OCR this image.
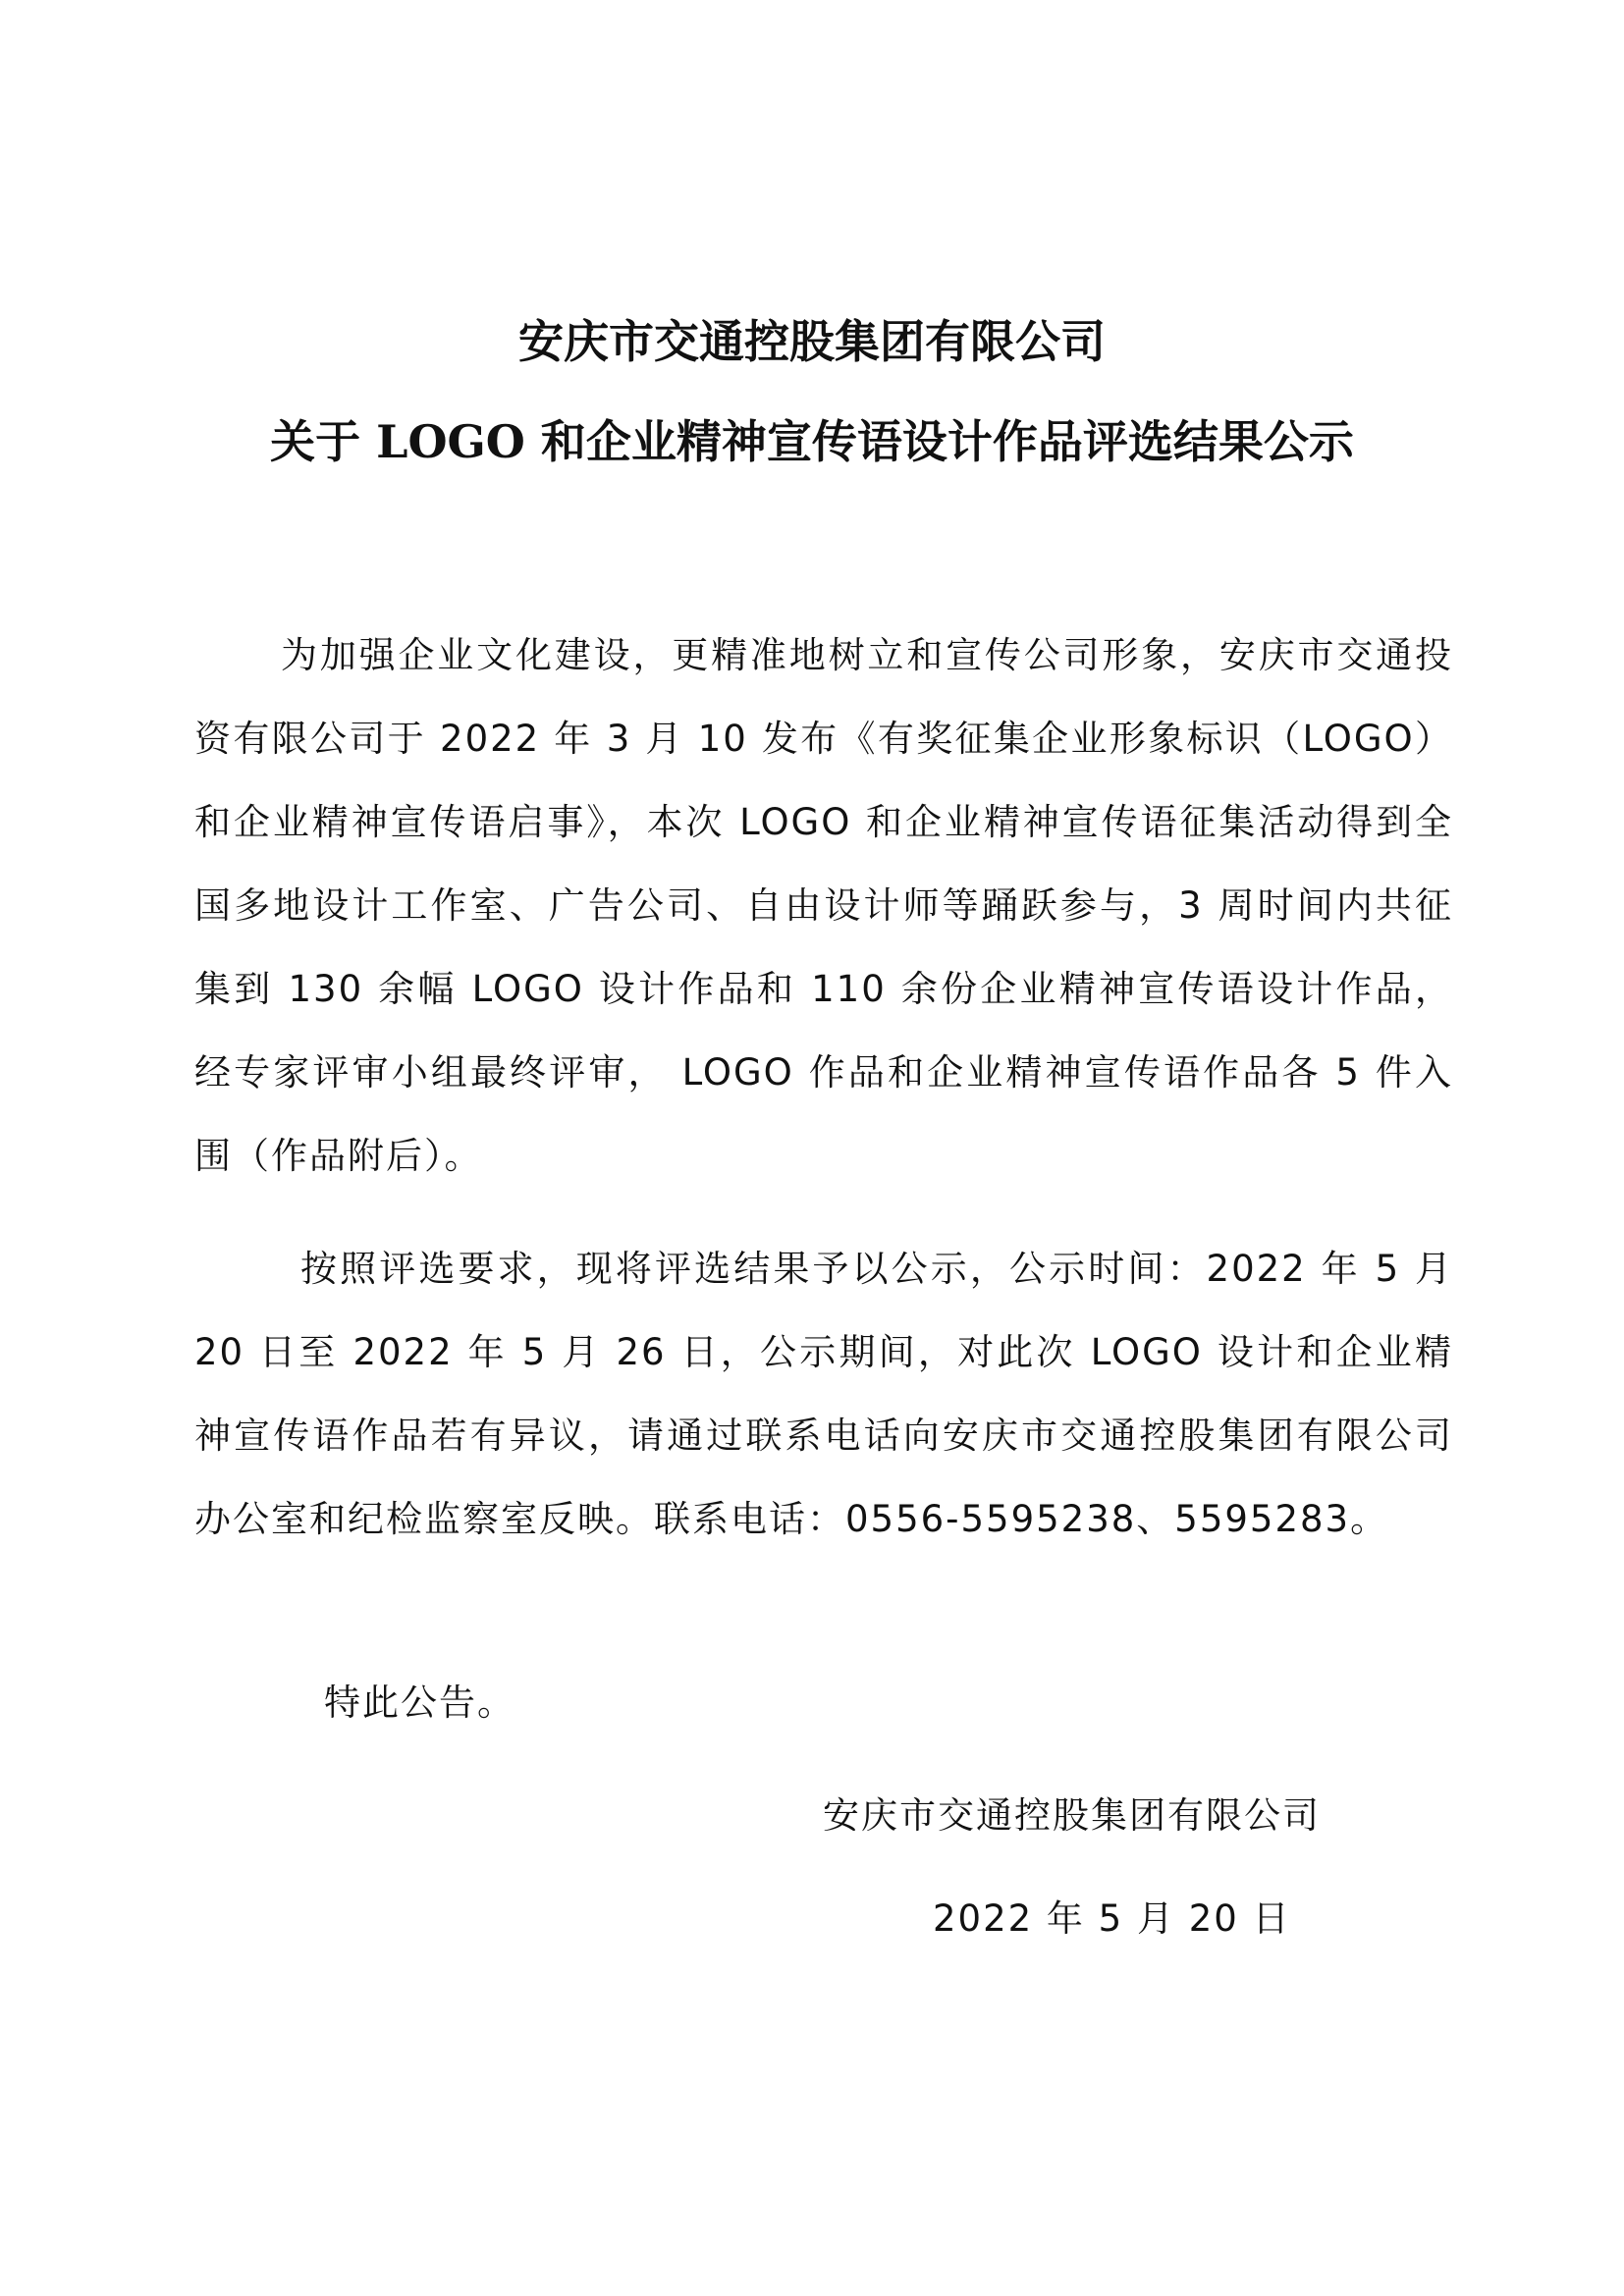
安庆市交通控股集团有限公司
关于 LOGO 和企业精神宣传语设计作品评选结果公示

为加强企业文化建设，更精准地树立和宣传公司形象，安庆市交通投资有限公司于 2022 年 3 月 10 发布《有奖征集企业形象标识（LOGO）和企业精神宣传语启事》，本次 LOGO 和企业精神宣传语征集活动得到全国多地设计工作室、广告公司、自由设计师等踊跃参与，3 周时间内共征集到 130 余幅 LOGO 设计作品和 110 余份企业精神宣传语设计作品，经专家评审小组最终评审， LOGO 作品和企业精神宣传语作品各 5 件入围（作品附后）。

按照评选要求，现将评选结果予以公示，公示时间：2022 年 5 月 20 日至 2022 年 5 月 26 日，公示期间，对此次 LOGO 设计和企业精神宣传语作品若有异议，请通过联系电话向安庆市交通控股集团有限公司办公室和纪检监察室反映。联系电话：0556-5595238、5595283。

特此公告。

安庆市交通控股集团有限公司

2022 年 5 月 20 日
